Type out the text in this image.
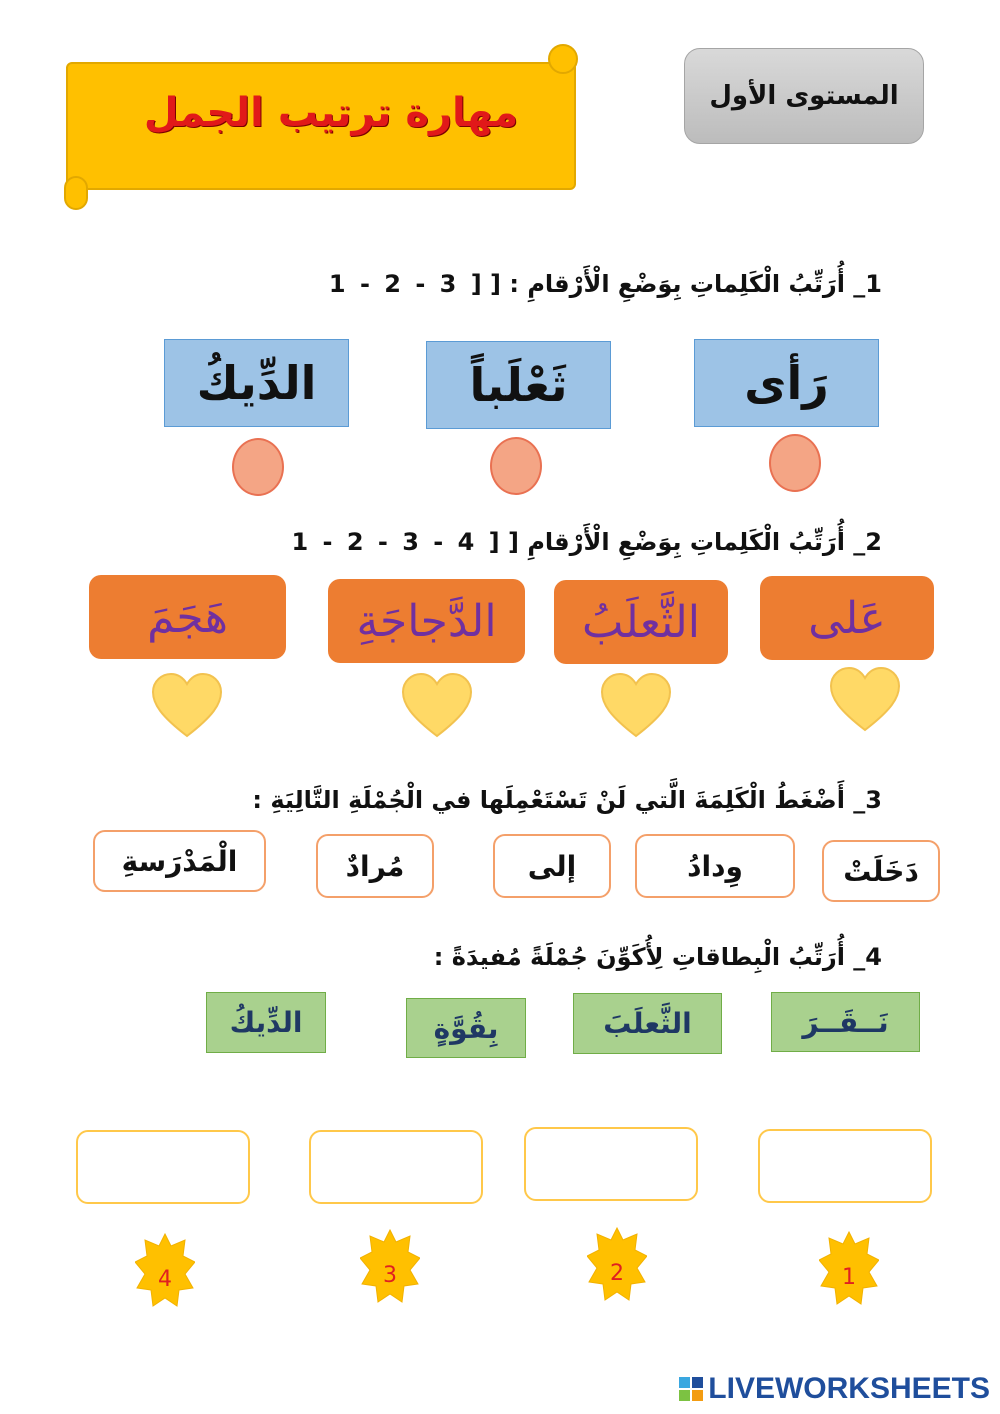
مهارة ترتيب الجمل	المستوى الأول
1_ أُرَتِّبُ الْكَلِماتِ بِوَضْعِ الْأَرْقامِ : [ 1 - 2 - 3 ]
رَأى
ثَعْلَباً
الدِّيكُ
2_ أُرَتِّبُ الْكَلِماتِ بِوَضْعِ الْأَرْقامِ [ 1 - 2 - 3 - 4 ]
عَلى
الثَّعلَبُ
الدَّجاجَةِ
هَجَمَ
3_ أَضْغَطُ الْكَلِمَةَ الَّتي لَنْ تَسْتَعْمِلَها في الْجُمْلَةِ التَّالِيَةِ :
دَخَلَتْ
وِدادُ
إلى
مُرادٌ
الْمَدْرَسةِ
4_ أُرَتِّبُ الْبِطاقاتِ لِأُكَوِّنَ جُمْلَةً مُفيدَةً :
نَــقَــرَ
الثَّعلَبَ
بِقُوَّةٍ
الدِّيكُ
1
2
3
4
LIVEWORKSHEETS
